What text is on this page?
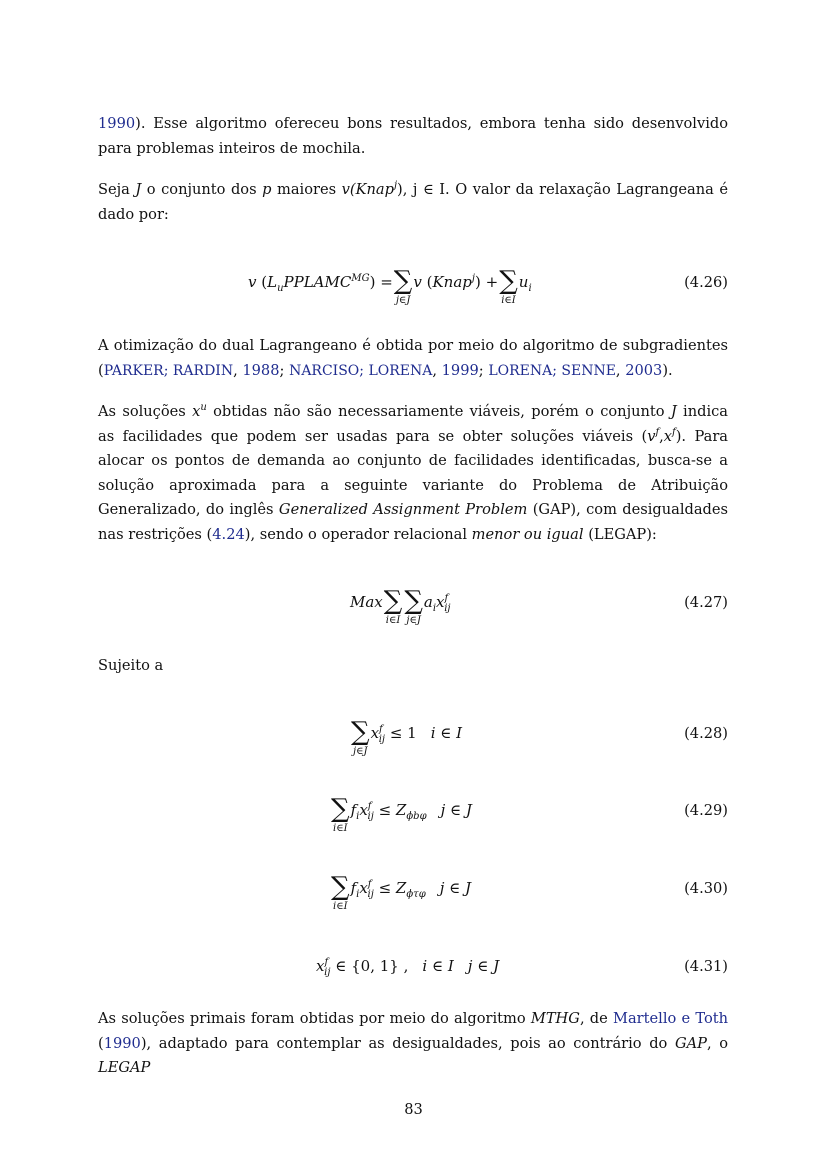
1990). Esse algoritmo ofereceu bons resultados, embora tenha sido desenvolvido para problemas inteiros de mochila.

Seja J o conjunto dos p maiores v(Knap$^j$), j ∈ I. O valor da relaxação Lagrangeana é dado por:

v $(L_uPPLAMC^{MG})$ = ∑
j∈J
v (Knap$^j$) + ∑
i∈I
$u_i$	(4.26)

A otimização do dual Lagrangeano é obtida por meio do algoritmo de subgradientes (PARKER; RARDIN, 1988; NARCISO; LORENA, 1999; LORENA; SENNE, 2003).

As soluções $x^u$ obtidas não são necessariamente viáveis, porém o conjunto J indica as facilidades que podem ser usadas para se obter soluções viáveis $(v^f,x^f)$. Para alocar os pontos de demanda ao conjunto de facilidades identificadas, busca-se a solução aproximada para a seguinte variante do Problema de Atribuição Generalizado, do inglês Generalized Assignment Problem (GAP), com desigualdades nas restrições (4.24), sendo o operador relacional menor ou igual (LEGAP):

Max ∑
i∈I
∑
j∈J
$a_ix^f_{ij}$	(4.27)

Sujeito a

∑
j∈J
$x^f_{ij} \le 1$ i ∈ I	(4.28)
∑
i∈I
$f_ix^f_{ij} \le Z_{\phi b\varphi}$ j ∈ J	(4.29)
∑
i∈I
$f_ix^f_{ij} \le Z_{\phi\tau\varphi}$ j ∈ J	(4.30)
$x^f_{ij}$ ∈ {0, 1} , i ∈ I j ∈ J	(4.31)

As soluções primais foram obtidas por meio do algoritmo MTHG, de Martello e Toth (1990), adaptado para contemplar as desigualdades, pois ao contrário do GAP, o LEGAP

83
